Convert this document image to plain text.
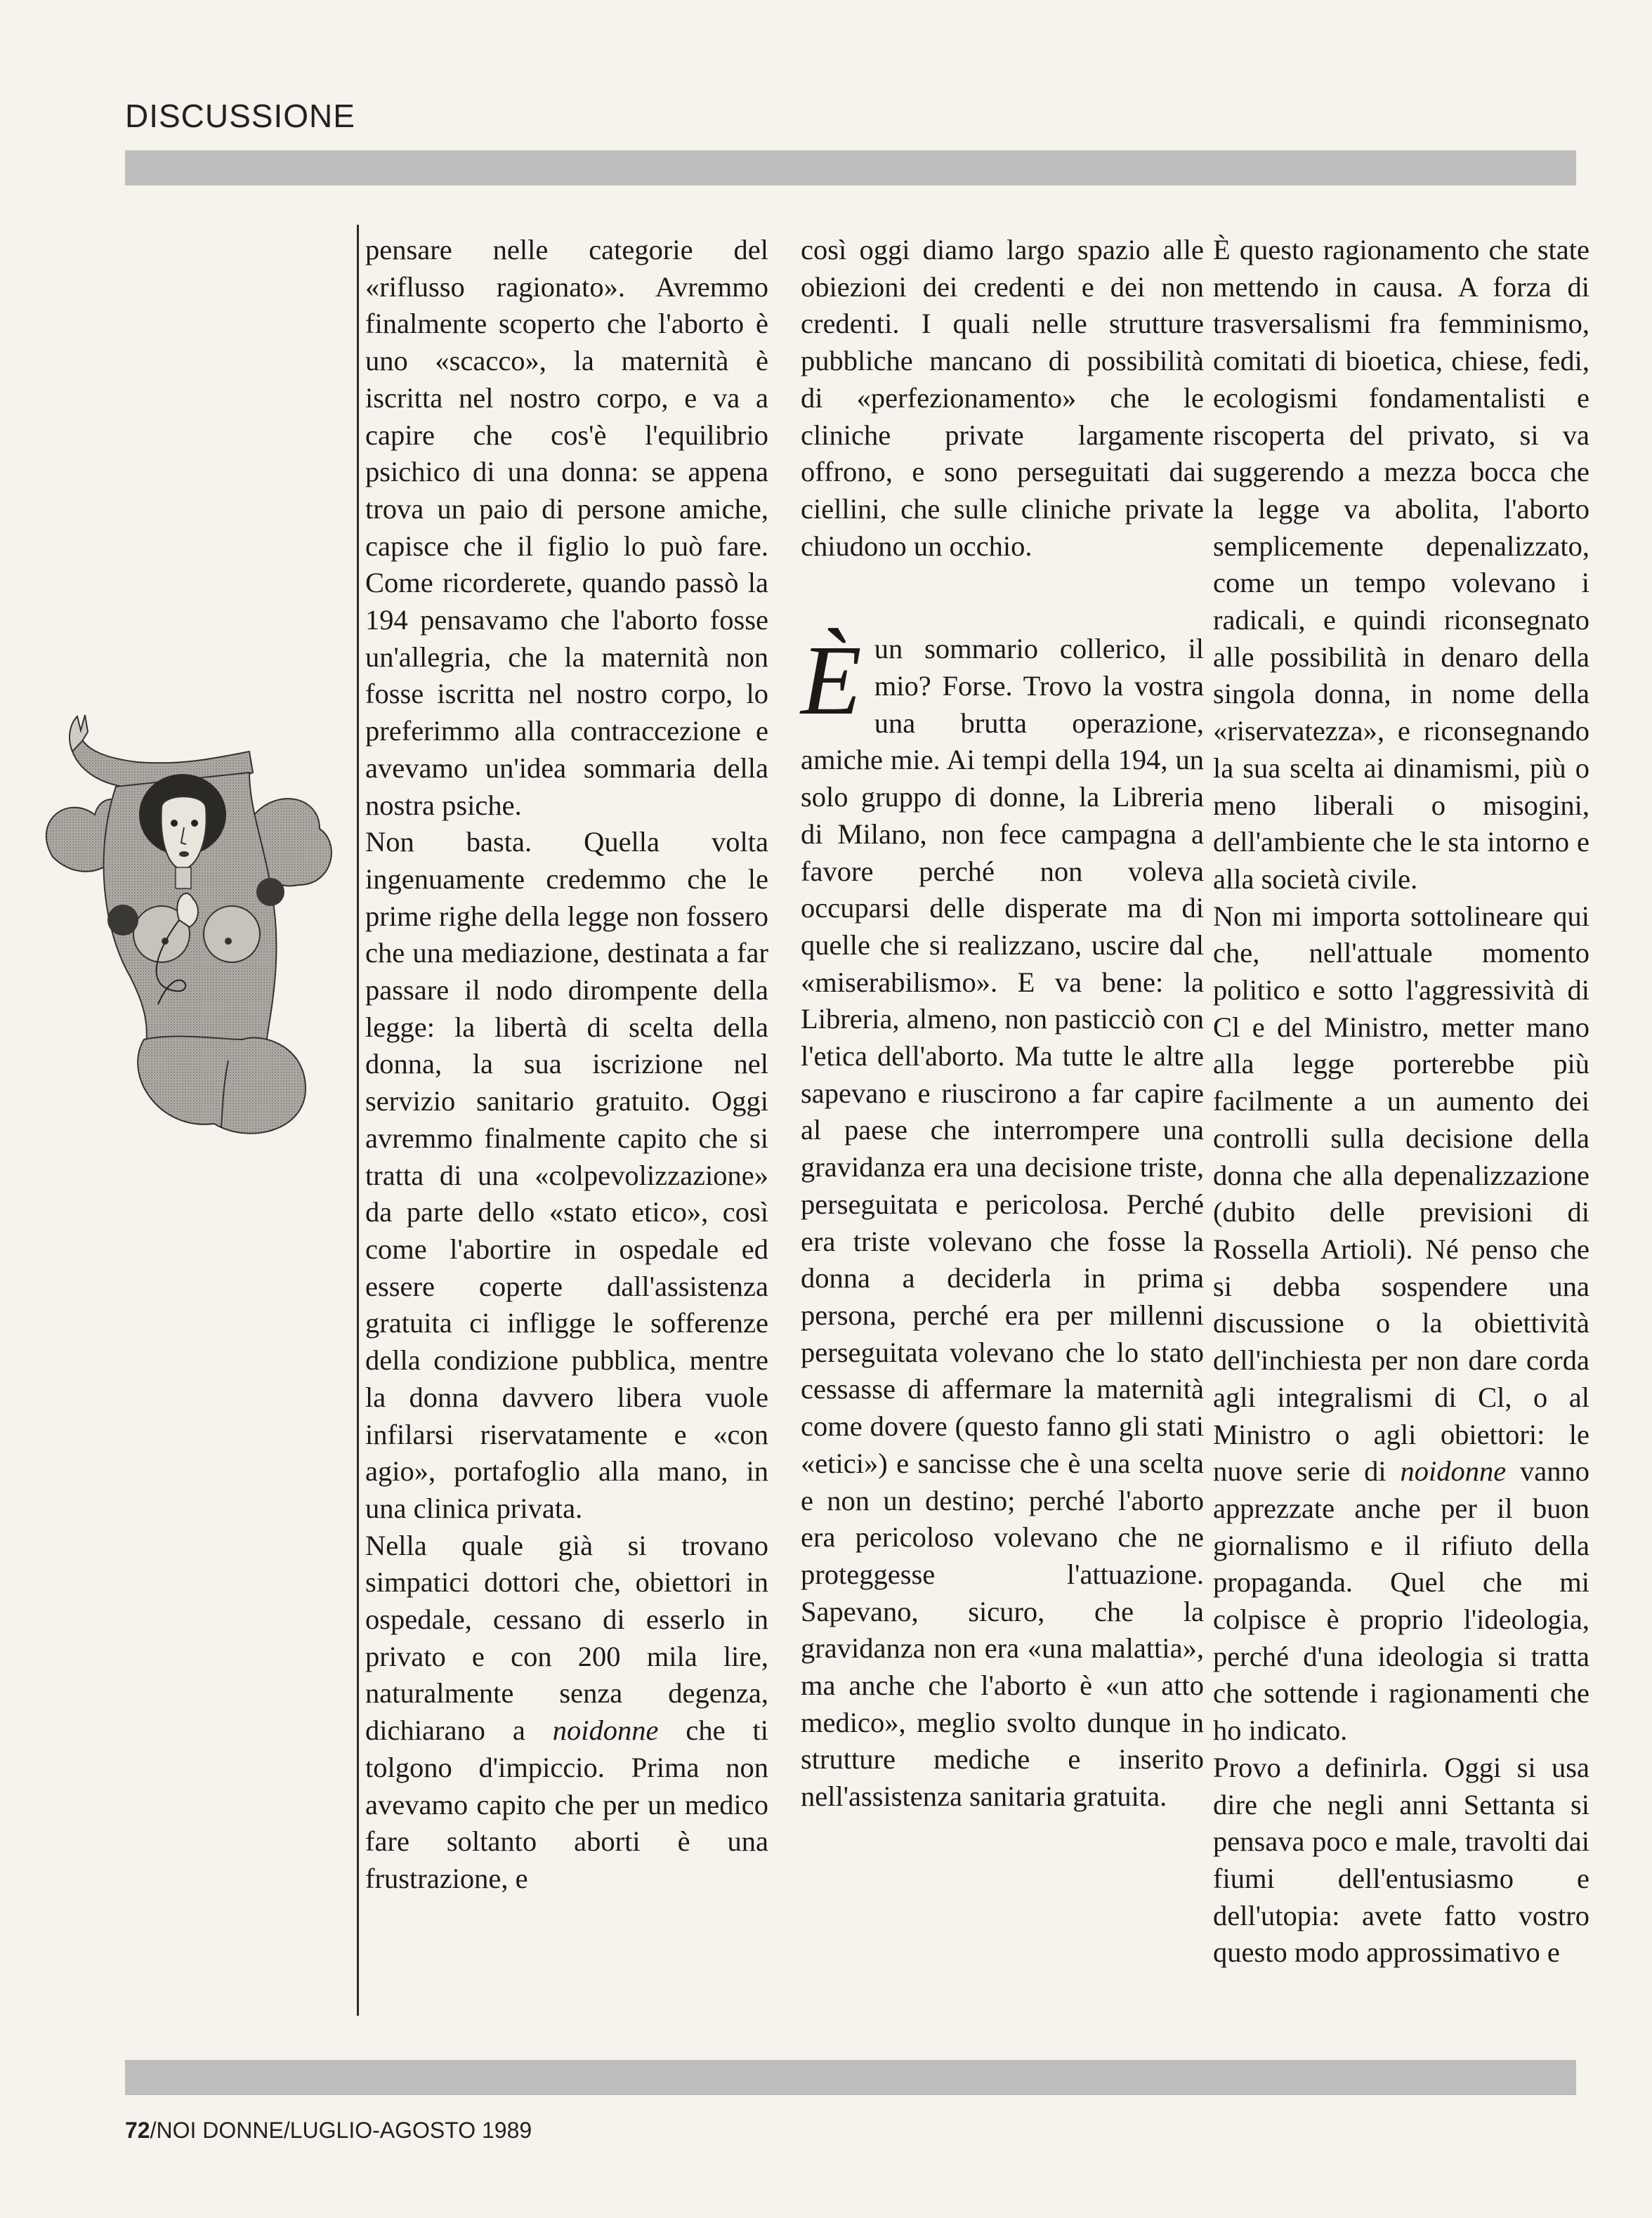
DISCUSSIONE

pensare nelle categorie del «riflusso ragionato». Avremmo finalmente scoperto che l'aborto è uno «scacco», la maternità è iscritta nel nostro corpo, e va a capire che cos'è l'equilibrio psichico di una donna: se appena trova un paio di persone amiche, capisce che il figlio lo può fare. Come ricorderete, quando passò la 194 pensavamo che l'aborto fosse un'allegria, che la maternità non fosse iscritta nel nostro corpo, lo preferimmo alla contraccezione e avevamo un'idea sommaria della nostra psiche.

Non basta. Quella volta ingenuamente credemmo che le prime righe della legge non fossero che una mediazione, destinata a far passare il nodo dirompente della legge: la libertà di scelta della donna, la sua iscrizione nel servizio sanitario gratuito. Oggi avremmo finalmente capito che si tratta di una «colpevolizzazione» da parte dello «stato etico», così come l'abortire in ospedale ed essere coperte dall'assistenza gratuita ci infligge le sofferenze della condizione pubblica, mentre la donna davvero libera vuole infilarsi riservatamente e «con agio», portafoglio alla mano, in una clinica privata.

Nella quale già si trovano simpatici dottori che, obiettori in ospedale, cessano di esserlo in privato e con 200 mila lire, naturalmente senza degenza, dichiarano a noidonne che ti tolgono d'impiccio. Prima non avevamo capito che per un medico fare soltanto aborti è una frustrazione, e

così oggi diamo largo spazio alle obiezioni dei credenti e dei non credenti. I quali nelle strutture pubbliche mancano di possibilità di «perfezionamento» che le cliniche private largamente offrono, e sono perseguitati dai ciellini, che sulle cliniche private chiudono un occhio.

Èun sommario collerico, il mio? Forse. Trovo la vostra una brutta operazione, amiche mie. Ai tempi della 194, un solo gruppo di donne, la Libreria di Milano, non fece campagna a favore perché non voleva occuparsi delle disperate ma di quelle che si realizzano, uscire dal «miserabilismo». E va bene: la Libreria, almeno, non pasticciò con l'etica dell'aborto. Ma tutte le altre sapevano e riuscirono a far capire al paese che interrompere una gravidanza era una decisione triste, perseguitata e pericolosa. Perché era triste volevano che fosse la donna a deciderla in prima persona, perché era per millenni perseguitata volevano che lo stato cessasse di affermare la maternità come dovere (questo fanno gli stati «etici») e sancisse che è una scelta e non un destino; perché l'aborto era pericoloso volevano che ne proteggesse l'attuazione. Sapevano, sicuro, che la gravidanza non era «una malattia», ma anche che l'aborto è «un atto medico», meglio svolto dunque in strutture mediche e inserito nell'assistenza sanitaria gratuita.

È questo ragionamento che state mettendo in causa. A forza di trasversalismi fra femminismo, comitati di bioetica, chiese, fedi, ecologismi fondamentalisti e riscoperta del privato, si va suggerendo a mezza bocca che la legge va abolita, l'aborto semplicemente depenalizzato, come un tempo volevano i radicali, e quindi riconsegnato alle possibilità in denaro della singola donna, in nome della «riservatezza», e riconsegnando la sua scelta ai dinamismi, più o meno liberali o misogini, dell'ambiente che le sta intorno e alla società civile.

Non mi importa sottolineare qui che, nell'attuale momento politico e sotto l'aggressività di Cl e del Ministro, metter mano alla legge porterebbe più facilmente a un aumento dei controlli sulla decisione della donna che alla depenalizzazione (dubito delle previsioni di Rossella Artioli). Né penso che si debba sospendere una discussione o la obiettività dell'inchiesta per non dare corda agli integralismi di Cl, o al Ministro o agli obiettori: le nuove serie di noidonne vanno apprezzate anche per il buon giornalismo e il rifiuto della propaganda. Quel che mi colpisce è proprio l'ideologia, perché d'una ideologia si tratta che sottende i ragionamenti che ho indicato.

Provo a definirla. Oggi si usa dire che negli anni Settanta si pensava poco e male, travolti dai fiumi dell'entusiasmo e dell'utopia: avete fatto vostro questo modo approssimativo e

72/NOI DONNE/LUGLIO-AGOSTO 1989
